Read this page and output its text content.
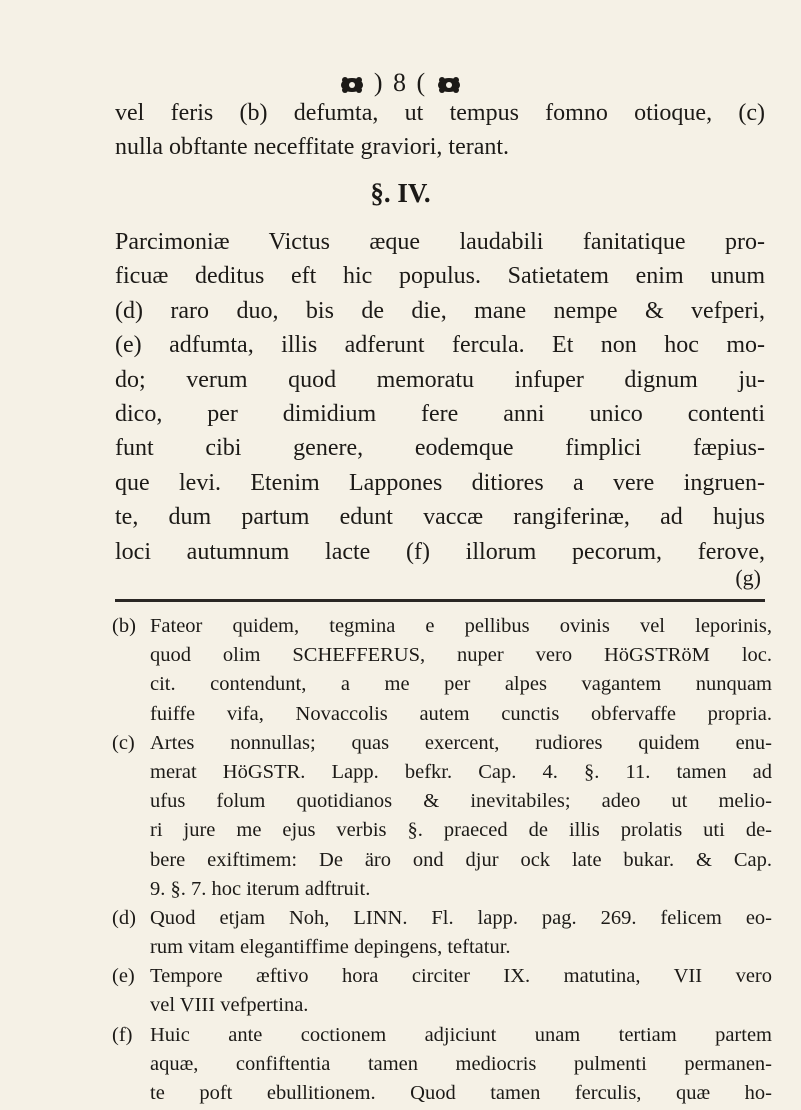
) 8 (
vel feris (b) defumta, ut tempus fomno otioque, (c)
nulla obftante neceffitate graviori, terant.
§. IV.
Parcimoniæ Victus æque laudabili fanitatique pro-
ficuæ deditus eft hic populus. Satietatem enim unum
(d) raro duo, bis de die, mane nempe & vefperi,
(e) adfumta, illis adferunt fercula. Et non hoc mo-
do; verum quod memoratu infuper dignum ju-
dico, per dimidium fere anni unico contenti
funt cibi genere, eodemque fimplici fæpius-
que levi. Etenim Lappones ditiores a vere ingruen-
te, dum partum edunt vaccæ rangiferinæ, ad hujus
loci autumnum lacte (f) illorum pecorum, ferove,
(g)
(b) Fateor quidem, tegmina e pellibus ovinis vel leporinis,
quod olim SCHEFFERUS, nuper vero HöGSTRöM loc.
cit. contendunt, a me per alpes vagantem nunquam
fuiffe vifa, Novaccolis autem cunctis obfervaffe propria.
(c) Artes nonnullas; quas exercent, rudiores quidem enu-
merat HöGSTR. Lapp. befkr. Cap. 4. §. 11. tamen ad
ufus folum quotidianos & inevitabiles; adeo ut melio-
ri jure me ejus verbis §. praeced de illis prolatis uti de-
bere exiftimem: De äro ond djur ock late bukar. & Cap.
9. §. 7. hoc iterum adftruit.
(d) Quod etjam Noh, LINN. Fl. lapp. pag. 269. felicem eo-
rum vitam elegantiffime depingens, teftatur.
(e) Tempore æftivo hora circiter IX. matutina, VII vero
vel VIII vefpertina.
(f) Huic ante coctionem adjiciunt unam tertiam partem
aquæ, confiftentia tamen mediocris pulmenti permanen-
te poft ebullitionem. Quod tamen ferculis, quæ ho-
